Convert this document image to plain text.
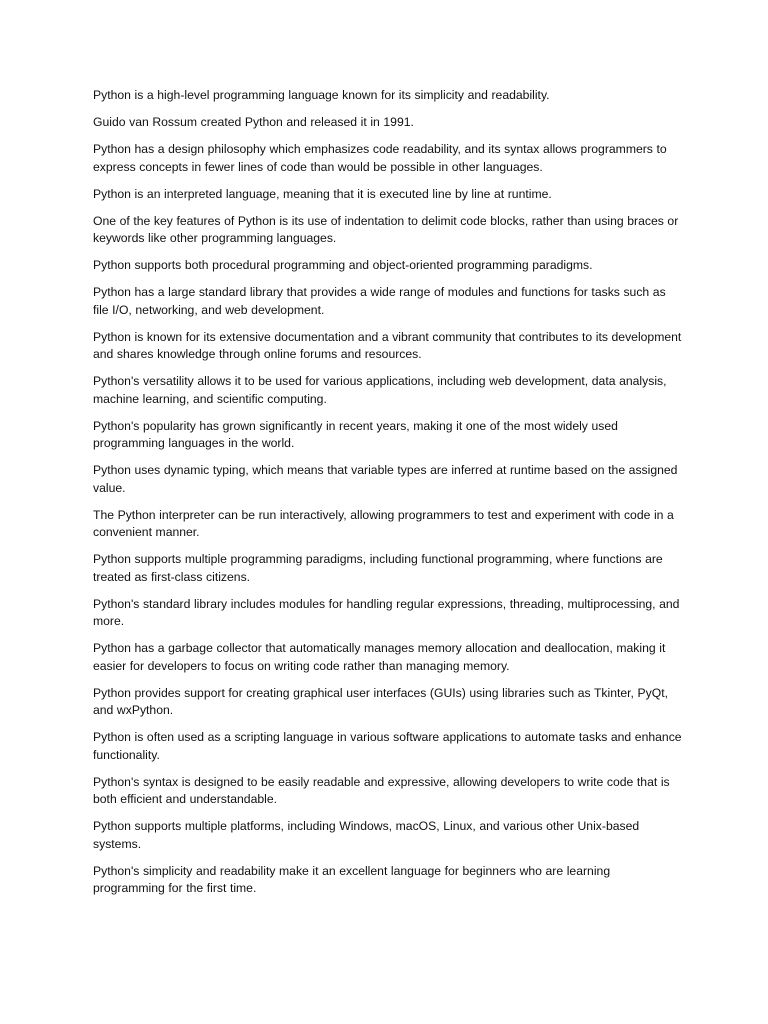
Python is a high-level programming language known for its simplicity and readability.

Guido van Rossum created Python and released it in 1991.

Python has a design philosophy which emphasizes code readability, and its syntax allows programmers to express concepts in fewer lines of code than would be possible in other languages.

Python is an interpreted language, meaning that it is executed line by line at runtime.

One of the key features of Python is its use of indentation to delimit code blocks, rather than using braces or keywords like other programming languages.

Python supports both procedural programming and object-oriented programming paradigms.

Python has a large standard library that provides a wide range of modules and functions for tasks such as file I/O, networking, and web development.

Python is known for its extensive documentation and a vibrant community that contributes to its development and shares knowledge through online forums and resources.

Python's versatility allows it to be used for various applications, including web development, data analysis, machine learning, and scientific computing.

Python's popularity has grown significantly in recent years, making it one of the most widely used programming languages in the world.

Python uses dynamic typing, which means that variable types are inferred at runtime based on the assigned value.

The Python interpreter can be run interactively, allowing programmers to test and experiment with code in a convenient manner.

Python supports multiple programming paradigms, including functional programming, where functions are treated as first-class citizens.

Python's standard library includes modules for handling regular expressions, threading, multiprocessing, and more.

Python has a garbage collector that automatically manages memory allocation and deallocation, making it easier for developers to focus on writing code rather than managing memory.

Python provides support for creating graphical user interfaces (GUIs) using libraries such as Tkinter, PyQt, and wxPython.

Python is often used as a scripting language in various software applications to automate tasks and enhance functionality.

Python's syntax is designed to be easily readable and expressive, allowing developers to write code that is both efficient and understandable.

Python supports multiple platforms, including Windows, macOS, Linux, and various other Unix-based systems.

Python's simplicity and readability make it an excellent language for beginners who are learning programming for the first time.
